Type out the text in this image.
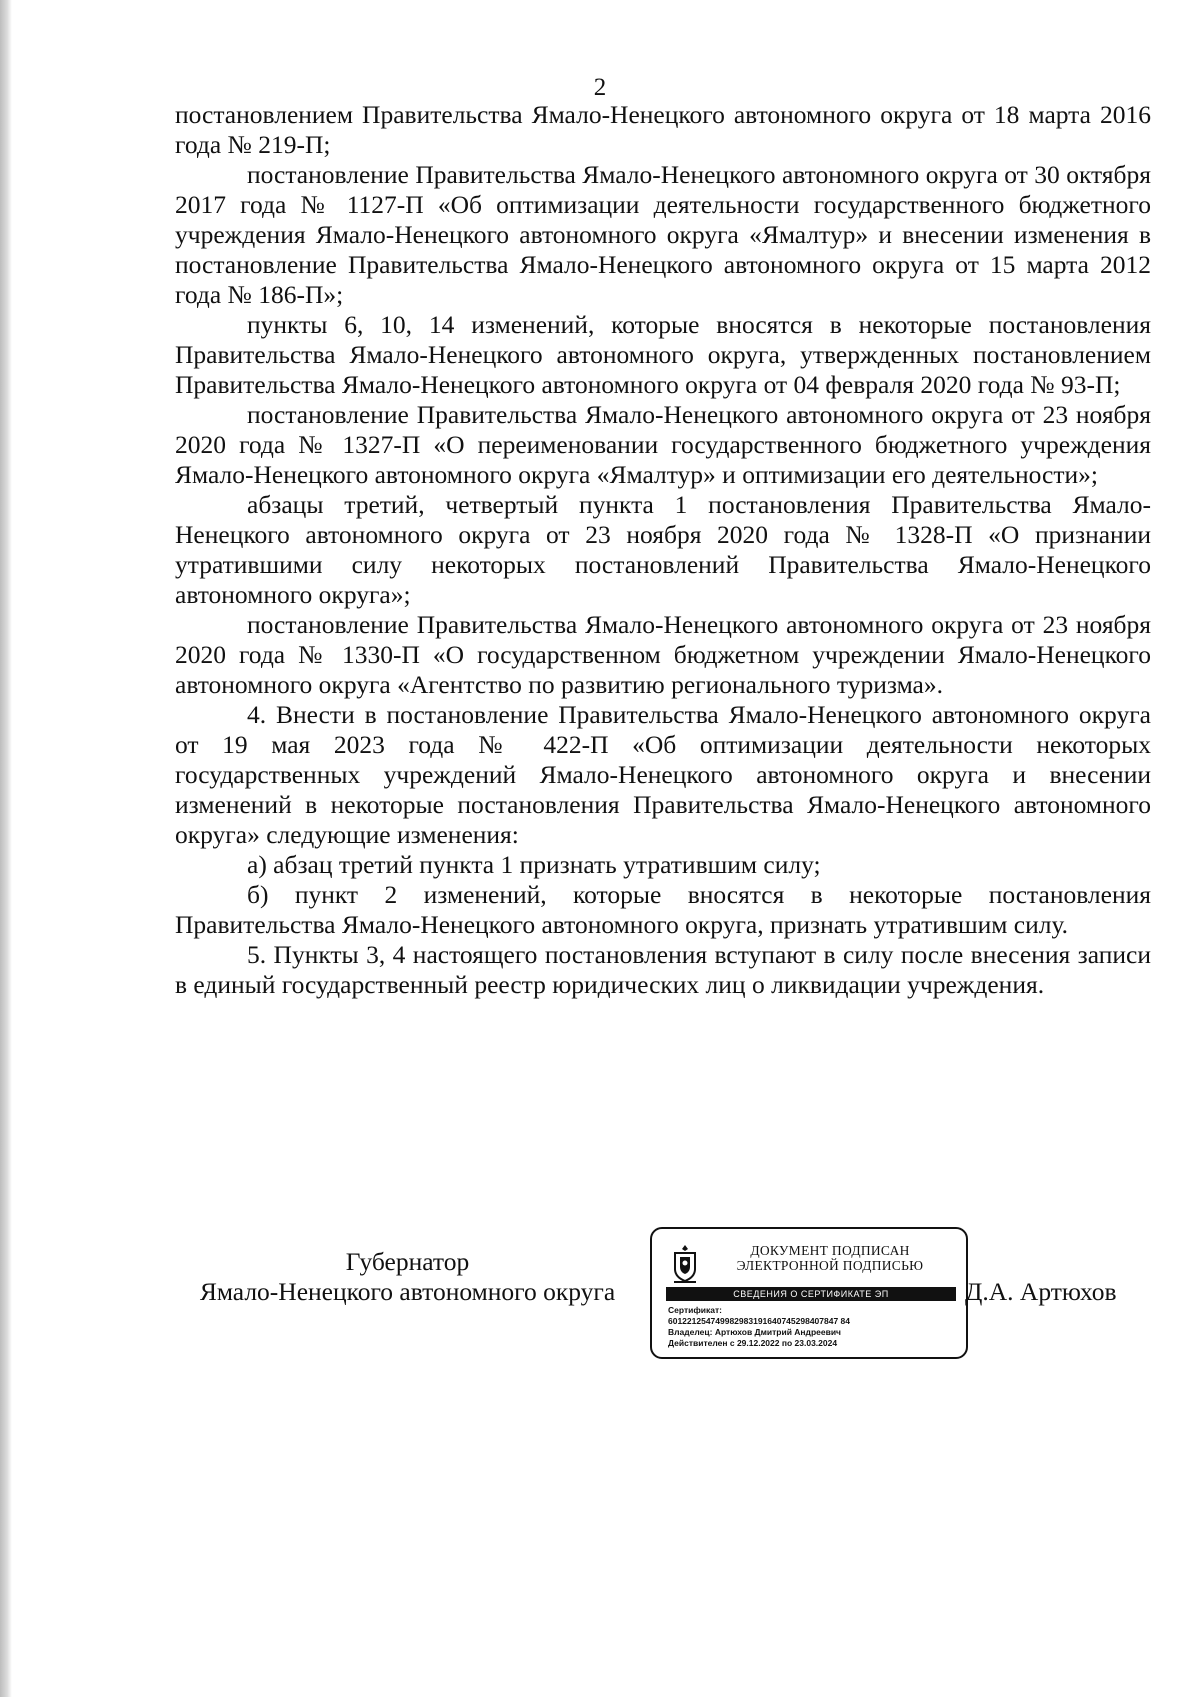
2

постановлением Правительства Ямало-Ненецкого автономного округа от 18 марта 2016 года № 219-П;

постановление Правительства Ямало-Ненецкого автономного округа от 30 октября 2017 года № 1127-П «Об оптимизации деятельности государственного бюджетного учреждения Ямало-Ненецкого автономного округа «Ямалтур» и внесении изменения в постановление Правительства Ямало-Ненецкого автономного округа от 15 марта 2012 года № 186-П»;

пункты 6, 10, 14 изменений, которые вносятся в некоторые постановления Правительства Ямало-Ненецкого автономного округа, утвержденных постановлением Правительства Ямало-Ненецкого автономного округа от 04 февраля 2020 года № 93-П;

постановление Правительства Ямало-Ненецкого автономного округа от 23 ноября 2020 года № 1327-П «О переименовании государственного бюджетного учреждения Ямало-Ненецкого автономного округа «Ямалтур» и оптимизации его деятельности»;

абзацы третий, четвертый пункта 1 постановления Правительства Ямало-Ненецкого автономного округа от 23 ноября 2020 года № 1328-П «О признании утратившими силу некоторых постановлений Правительства Ямало-Ненецкого автономного округа»;

постановление Правительства Ямало-Ненецкого автономного округа от 23 ноября 2020 года № 1330-П «О государственном бюджетном учреждении Ямало-Ненецкого автономного округа «Агентство по развитию регионального туризма».

4. Внести в постановление Правительства Ямало-Ненецкого автономного округа от 19 мая 2023 года № 422-П «Об оптимизации деятельности некоторых государственных учреждений Ямало-Ненецкого автономного округа и внесении изменений в некоторые постановления Правительства Ямало-Ненецкого автономного округа» следующие изменения:

а) абзац третий пункта 1 признать утратившим силу;

б) пункт 2 изменений, которые вносятся в некоторые постановления Правительства Ямало-Ненецкого автономного округа, признать утратившим силу.

5. Пункты 3, 4 настоящего постановления вступают в силу после внесения записи в единый государственный реестр юридических лиц о ликвидации учреждения.

Губернатор
Ямало-Ненецкого автономного округа
ДОКУМЕНТ ПОДПИСАН
ЭЛЕКТРОННОЙ ПОДПИСЬЮ
СВЕДЕНИЯ О СЕРТИФИКАТЕ ЭП
Сертификат:
601221254749982983191640745298407847 84
Владелец: Артюхов Дмитрий Андреевич
Действителен с 29.12.2022 по 23.03.2024
Д.А. Артюхов
